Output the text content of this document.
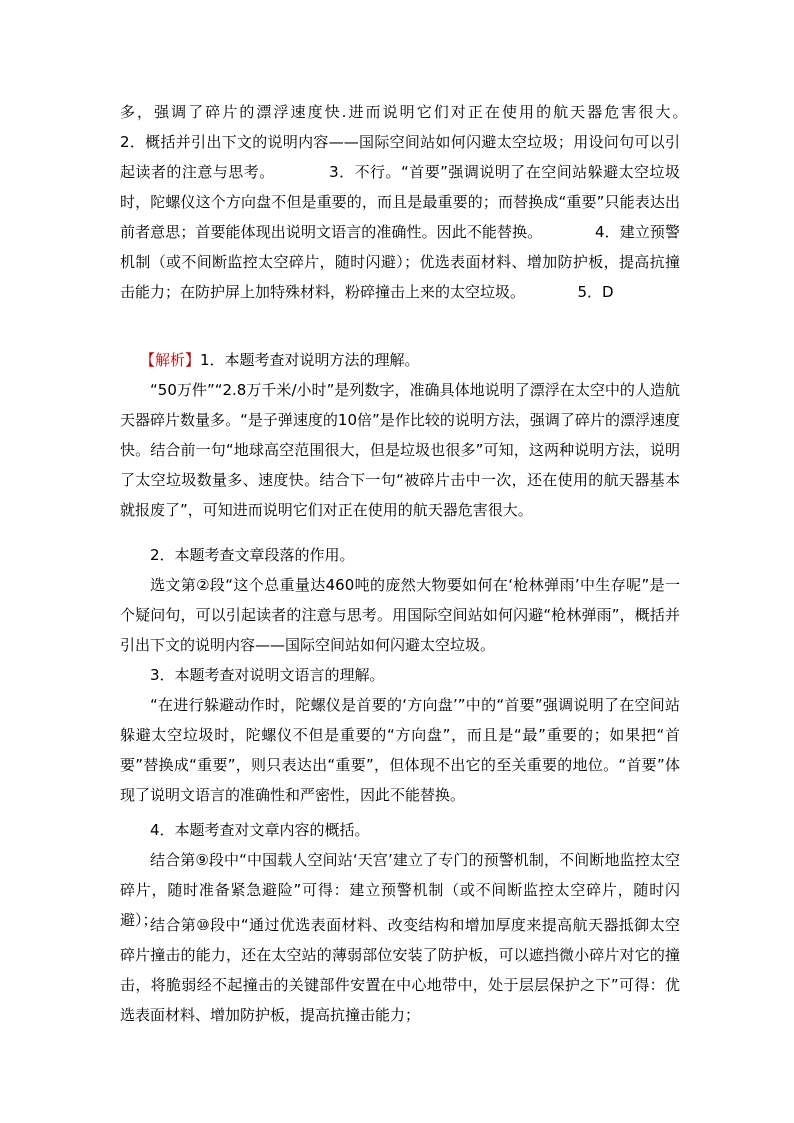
多，强调了碎片的漂浮速度快.进而说明它们对正在使用的航天器危害很大。　　　　2．概括并引出下文的说明内容——国际空间站如何闪避太空垃圾；用设问句可以引起读者的注意与思考。　　　　3．不行。“首要”强调说明了在空间站躲避太空垃圾时，陀螺仪这个方向盘不但是重要的，而且是最重要的；而替换成“重要”只能表达出前者意思；首要能体现出说明文语言的准确性。因此不能替换。　　　　4．建立预警机制（或不间断监控太空碎片，随时闪避）；优选表面材料、增加防护板，提高抗撞击能力；在防护屏上加特殊材料，粉碎撞击上来的太空垃圾。　　　　5．D

【解析】1．本题考查对说明方法的理解。

“50万件”“2.8万千米/小时”是列数字，准确具体地说明了漂浮在太空中的人造航天器碎片数量多。“是子弹速度的10倍”是作比较的说明方法，强调了碎片的漂浮速度快。结合前一句“地球高空范围很大，但是垃圾也很多”可知，这两种说明方法，说明了太空垃圾数量多、速度快。结合下一句“被碎片击中一次，还在使用的航天器基本就报废了”，可知进而说明它们对正在使用的航天器危害很大。

2．本题考查文章段落的作用。

选文第②段“这个总重量达460吨的庞然大物要如何在‘枪林弹雨’中生存呢”是一个疑问句，可以引起读者的注意与思考。用国际空间站如何闪避“枪林弹雨”，概括并引出下文的说明内容——国际空间站如何闪避太空垃圾。

3．本题考查对说明文语言的理解。

“在进行躲避动作时，陀螺仪是首要的‘方向盘’”中的“首要”强调说明了在空间站躲避太空垃圾时，陀螺仪不但是重要的“方向盘”，而且是“最”重要的；如果把“首要”替换成“重要”，则只表达出“重要”，但体现不出它的至关重要的地位。“首要”体现了说明文语言的准确性和严密性，因此不能替换。

4．本题考查对文章内容的概括。

结合第⑨段中“中国载人空间站‘天宫’建立了专门的预警机制，不间断地监控太空碎片，随时准备紧急避险”可得：建立预警机制（或不间断监控太空碎片，随时闪避）；

结合第⑩段中“通过优选表面材料、改变结构和增加厚度来提高航天器抵御太空碎片撞击的能力，还在太空站的薄弱部位安装了防护板，可以遮挡微小碎片对它的撞击，将脆弱经不起撞击的关键部件安置在中心地带中，处于层层保护之下”可得：优选表面材料、增加防护板，提高抗撞击能力；
